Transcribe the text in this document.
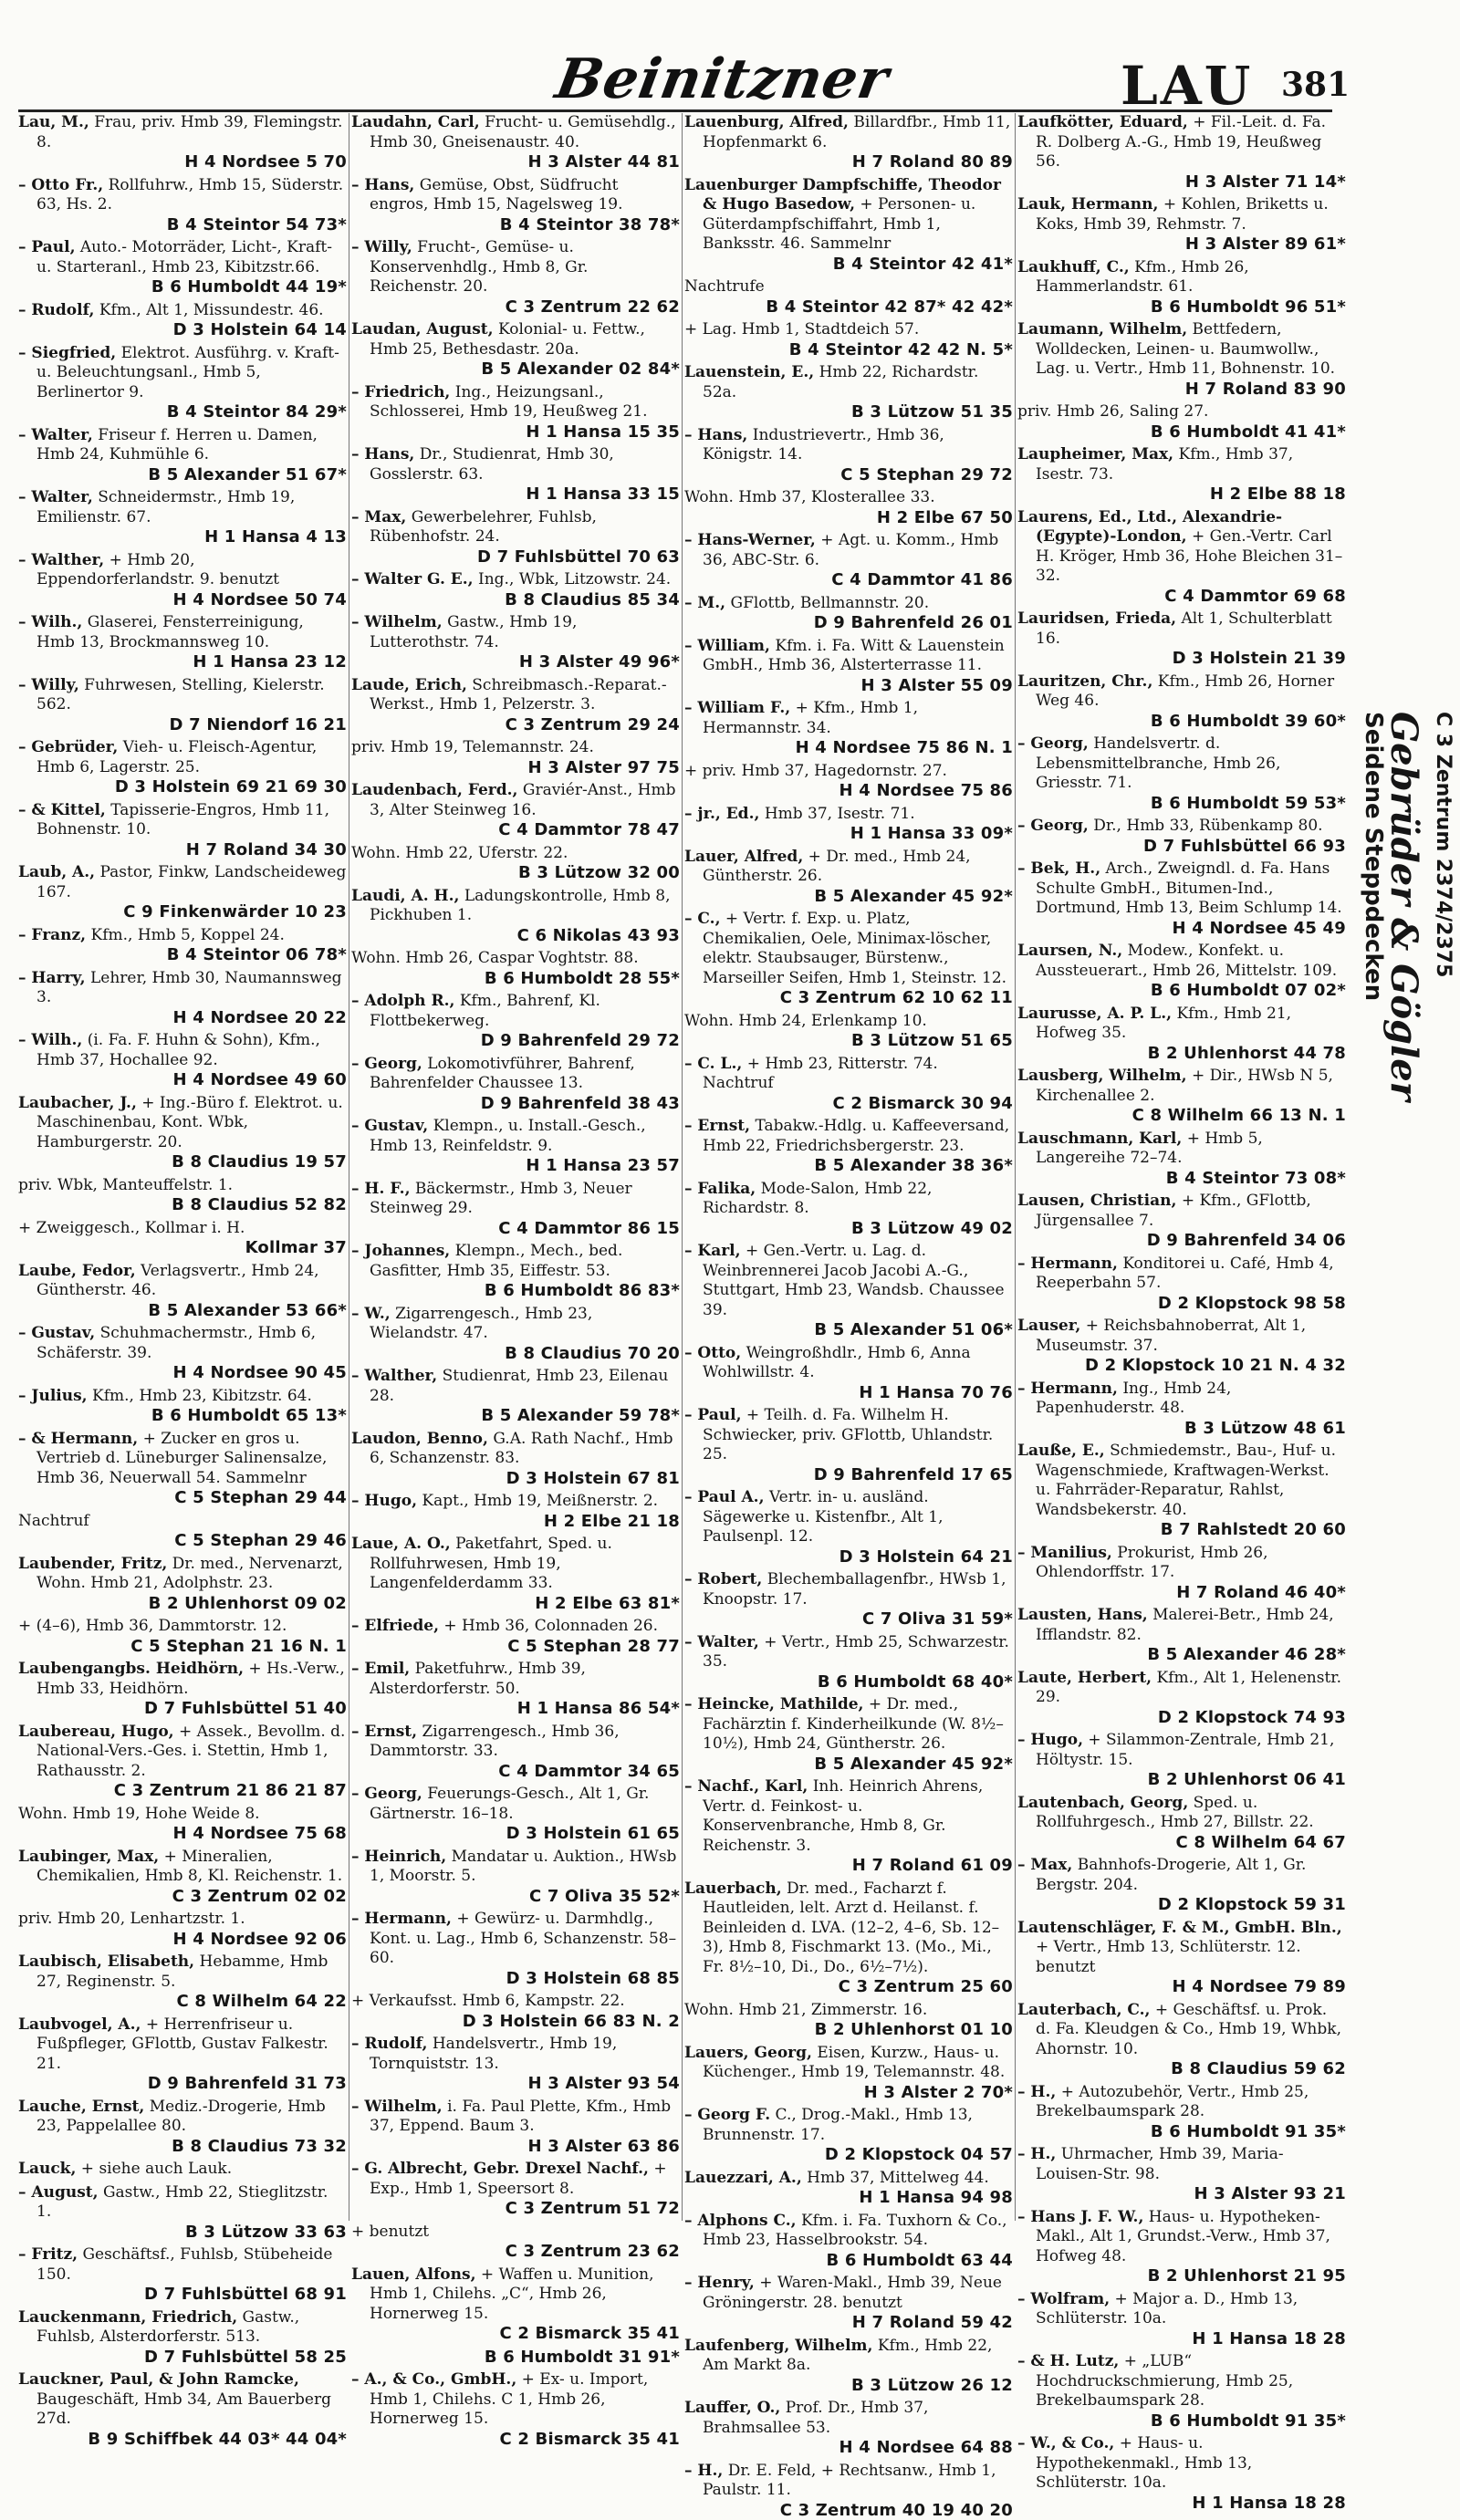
Beinitzner	LAU 381
Lau, M., Frau, priv. Hmb 39, Flemingstr. 8.
H 4 Nordsee 5 70
– Otto Fr., Rollfuhrw., Hmb 15, Süderstr. 63, Hs. 2.
B 4 Steintor 54 73*
– Paul, Auto.- Motorräder, Licht-, Kraft- u. Starteranl., Hmb 23, Kibitzstr.66.
B 6 Humboldt 44 19*
– Rudolf, Kfm., Alt 1, Missundestr. 46.
D 3 Holstein 64 14
– Siegfried, Elektrot. Ausführg. v. Kraft- u. Beleuchtungsanl., Hmb 5, Berlinertor 9.
B 4 Steintor 84 29*
– Walter, Friseur f. Herren u. Damen, Hmb 24, Kuhmühle 6.
B 5 Alexander 51 67*
– Walter, Schneidermstr., Hmb 19, Emilienstr. 67.
H 1 Hansa 4 13
– Walther, + Hmb 20, Eppendorferlandstr. 9. benutzt
H 4 Nordsee 50 74
– Wilh., Glaserei, Fensterreinigung, Hmb 13, Brockmannsweg 10.
H 1 Hansa 23 12
– Willy, Fuhrwesen, Stelling, Kielerstr. 562.
D 7 Niendorf 16 21
– Gebrüder, Vieh- u. Fleisch-Agentur, Hmb 6, Lagerstr. 25.
D 3 Holstein 69 21 69 30
– & Kittel, Tapisserie-Engros, Hmb 11, Bohnenstr. 10.
H 7 Roland 34 30
Laub, A., Pastor, Finkw, Landscheideweg 167.
C 9 Finkenwärder 10 23
– Franz, Kfm., Hmb 5, Koppel 24.
B 4 Steintor 06 78*
– Harry, Lehrer, Hmb 30, Naumannsweg 3.
H 4 Nordsee 20 22
– Wilh., (i. Fa. F. Huhn & Sohn), Kfm., Hmb 37, Hochallee 92.
H 4 Nordsee 49 60
Laubacher, J., + Ing.-Büro f. Elektrot. u. Maschinenbau, Kont. Wbk, Hamburgerstr. 20.
B 8 Claudius 19 57
priv. Wbk, Manteuffelstr. 1.
B 8 Claudius 52 82
+ Zweiggesch., Kollmar i. H.
Kollmar 37
Laube, Fedor, Verlagsvertr., Hmb 24, Güntherstr. 46.
B 5 Alexander 53 66*
– Gustav, Schuhmachermstr., Hmb 6, Schäferstr. 39.
H 4 Nordsee 90 45
– Julius, Kfm., Hmb 23, Kibitzstr. 64.
B 6 Humboldt 65 13*
– & Hermann, + Zucker en gros u. Vertrieb d. Lüneburger Salinensalze, Hmb 36, Neuerwall 54. Sammelnr
C 5 Stephan 29 44
Nachtruf
C 5 Stephan 29 46
Laubender, Fritz, Dr. med., Nervenarzt, Wohn. Hmb 21, Adolphstr. 23.
B 2 Uhlenhorst 09 02
+ (4–6), Hmb 36, Dammtorstr. 12.
C 5 Stephan 21 16 N. 1
Laubengangbs. Heidhörn, + Hs.-Verw., Hmb 33, Heidhörn.
D 7 Fuhlsbüttel 51 40
Laubereau, Hugo, + Assek., Bevollm. d. National-Vers.-Ges. i. Stettin, Hmb 1, Rathausstr. 2.
C 3 Zentrum 21 86 21 87
Wohn. Hmb 19, Hohe Weide 8.
H 4 Nordsee 75 68
Laubinger, Max, + Mineralien, Chemikalien, Hmb 8, Kl. Reichenstr. 1.
C 3 Zentrum 02 02
priv. Hmb 20, Lenhartzstr. 1.
H 4 Nordsee 92 06
Laubisch, Elisabeth, Hebamme, Hmb 27, Reginenstr. 5.
C 8 Wilhelm 64 22
Laubvogel, A., + Herrenfriseur u. Fußpfleger, GFlottb, Gustav Falkestr. 21.
D 9 Bahrenfeld 31 73
Lauche, Ernst, Mediz.-Drogerie, Hmb 23, Pappelallee 80.
B 8 Claudius 73 32
Lauck, + siehe auch Lauk.
– August, Gastw., Hmb 22, Stieglitzstr. 1.
B 3 Lützow 33 63
– Fritz, Geschäftsf., Fuhlsb, Stübeheide 150.
D 7 Fuhlsbüttel 68 91
Lauckenmann, Friedrich, Gastw., Fuhlsb, Alsterdorferstr. 513.
D 7 Fuhlsbüttel 58 25
Lauckner, Paul, & John Ramcke, Baugeschäft, Hmb 34, Am Bauerberg 27d.
B 9 Schiffbek 44 03* 44 04*
Laudahn, Carl, Frucht- u. Gemüsehdlg., Hmb 30, Gneisenaustr. 40.
H 3 Alster 44 81
– Hans, Gemüse, Obst, Südfrucht engros, Hmb 15, Nagelsweg 19.
B 4 Steintor 38 78*
– Willy, Frucht-, Gemüse- u. Konservenhdlg., Hmb 8, Gr. Reichenstr. 20.
C 3 Zentrum 22 62
Laudan, August, Kolonial- u. Fettw., Hmb 25, Bethesdastr. 20a.
B 5 Alexander 02 84*
– Friedrich, Ing., Heizungsanl., Schlosserei, Hmb 19, Heußweg 21.
H 1 Hansa 15 35
– Hans, Dr., Studienrat, Hmb 30, Gosslerstr. 63.
H 1 Hansa 33 15
– Max, Gewerbelehrer, Fuhlsb, Rübenhofstr. 24.
D 7 Fuhlsbüttel 70 63
– Walter G. E., Ing., Wbk, Litzowstr. 24.
B 8 Claudius 85 34
– Wilhelm, Gastw., Hmb 19, Lutterothstr. 74.
H 3 Alster 49 96*
Laude, Erich, Schreibmasch.-Reparat.-Werkst., Hmb 1, Pelzerstr. 3.
C 3 Zentrum 29 24
priv. Hmb 19, Telemannstr. 24.
H 3 Alster 97 75
Laudenbach, Ferd., Graviér-Anst., Hmb 3, Alter Steinweg 16.
C 4 Dammtor 78 47
Wohn. Hmb 22, Uferstr. 22.
B 3 Lützow 32 00
Laudi, A. H., Ladungskontrolle, Hmb 8, Pickhuben 1.
C 6 Nikolas 43 93
Wohn. Hmb 26, Caspar Voghtstr. 88.
B 6 Humboldt 28 55*
– Adolph R., Kfm., Bahrenf, Kl. Flottbekerweg.
D 9 Bahrenfeld 29 72
– Georg, Lokomotivführer, Bahrenf, Bahrenfelder Chaussee 13.
D 9 Bahrenfeld 38 43
– Gustav, Klempn., u. Install.-Gesch., Hmb 13, Reinfeldstr. 9.
H 1 Hansa 23 57
– H. F., Bäckermstr., Hmb 3, Neuer Steinweg 29.
C 4 Dammtor 86 15
– Johannes, Klempn., Mech., bed. Gasfitter, Hmb 35, Eiffestr. 53.
B 6 Humboldt 86 83*
– W., Zigarrengesch., Hmb 23, Wielandstr. 47.
B 8 Claudius 70 20
– Walther, Studienrat, Hmb 23, Eilenau 28.
B 5 Alexander 59 78*
Laudon, Benno, G.A. Rath Nachf., Hmb 6, Schanzenstr. 83.
D 3 Holstein 67 81
– Hugo, Kapt., Hmb 19, Meißnerstr. 2.
H 2 Elbe 21 18
Laue, A. O., Paketfahrt, Sped. u. Rollfuhrwesen, Hmb 19, Langenfelderdamm 33.
H 2 Elbe 63 81*
– Elfriede, + Hmb 36, Colonnaden 26.
C 5 Stephan 28 77
– Emil, Paketfuhrw., Hmb 39, Alsterdorferstr. 50.
H 1 Hansa 86 54*
– Ernst, Zigarrengesch., Hmb 36, Dammtorstr. 33.
C 4 Dammtor 34 65
– Georg, Feuerungs-Gesch., Alt 1, Gr. Gärtnerstr. 16–18.
D 3 Holstein 61 65
– Heinrich, Mandatar u. Auktion., HWsb 1, Moorstr. 5.
C 7 Oliva 35 52*
– Hermann, + Gewürz- u. Darmhdlg., Kont. u. Lag., Hmb 6, Schanzenstr. 58–60.
D 3 Holstein 68 85
+ Verkaufsst. Hmb 6, Kampstr. 22.
D 3 Holstein 66 83 N. 2
– Rudolf, Handelsvertr., Hmb 19, Tornquiststr. 13.
H 3 Alster 93 54
– Wilhelm, i. Fa. Paul Plette, Kfm., Hmb 37, Eppend. Baum 3.
H 3 Alster 63 86
– G. Albrecht, Gebr. Drexel Nachf., + Exp., Hmb 1, Speersort 8.
C 3 Zentrum 51 72
+ benutzt
C 3 Zentrum 23 62
Lauen, Alfons, + Waffen u. Munition, Hmb 1, Chilehs. „C“, Hmb 26, Hornerweg 15.
C 2 Bismarck 35 41
B 6 Humboldt 31 91*
– A., & Co., GmbH., + Ex- u. Import, Hmb 1, Chilehs. C 1, Hmb 26, Hornerweg 15.
C 2 Bismarck 35 41
Lauenburg, Alfred, Billardfbr., Hmb 11, Hopfenmarkt 6.
H 7 Roland 80 89
Lauenburger Dampfschiffe, Theodor & Hugo Basedow, + Personen- u. Güterdampfschiffahrt, Hmb 1, Banksstr. 46. Sammelnr
B 4 Steintor 42 41*
Nachtrufe
B 4 Steintor 42 87* 42 42*
+ Lag. Hmb 1, Stadtdeich 57.
B 4 Steintor 42 42 N. 5*
Lauenstein, E., Hmb 22, Richardstr. 52a.
B 3 Lützow 51 35
– Hans, Industrievertr., Hmb 36, Königstr. 14.
C 5 Stephan 29 72
Wohn. Hmb 37, Klosterallee 33.
H 2 Elbe 67 50
– Hans-Werner, + Agt. u. Komm., Hmb 36, ABC-Str. 6.
C 4 Dammtor 41 86
– M., GFlottb, Bellmannstr. 20.
D 9 Bahrenfeld 26 01
– William, Kfm. i. Fa. Witt & Lauenstein GmbH., Hmb 36, Alsterterrasse 11.
H 3 Alster 55 09
– William F., + Kfm., Hmb 1, Hermannstr. 34.
H 4 Nordsee 75 86 N. 1
+ priv. Hmb 37, Hagedornstr. 27.
H 4 Nordsee 75 86
– jr., Ed., Hmb 37, Isestr. 71.
H 1 Hansa 33 09*
Lauer, Alfred, + Dr. med., Hmb 24, Güntherstr. 26.
B 5 Alexander 45 92*
– C., + Vertr. f. Exp. u. Platz, Chemikalien, Oele, Minimax-löscher, elektr. Staubsauger, Bürstenw., Marseiller Seifen, Hmb 1, Steinstr. 12.
C 3 Zentrum 62 10 62 11
Wohn. Hmb 24, Erlenkamp 10.
B 3 Lützow 51 65
– C. L., + Hmb 23, Ritterstr. 74. Nachtruf
C 2 Bismarck 30 94
– Ernst, Tabakw.-Hdlg. u. Kaffeeversand, Hmb 22, Friedrichsbergerstr. 23.
B 5 Alexander 38 36*
– Falika, Mode-Salon, Hmb 22, Richardstr. 8.
B 3 Lützow 49 02
– Karl, + Gen.-Vertr. u. Lag. d. Weinbrennerei Jacob Jacobi A.-G., Stuttgart, Hmb 23, Wandsb. Chaussee 39.
B 5 Alexander 51 06*
– Otto, Weingroßhdlr., Hmb 6, Anna Wohlwillstr. 4.
H 1 Hansa 70 76
– Paul, + Teilh. d. Fa. Wilhelm H. Schwiecker, priv. GFlottb, Uhlandstr. 25.
D 9 Bahrenfeld 17 65
– Paul A., Vertr. in- u. ausländ. Sägewerke u. Kistenfbr., Alt 1, Paulsenpl. 12.
D 3 Holstein 64 21
– Robert, Blechemballagenfbr., HWsb 1, Knoopstr. 17.
C 7 Oliva 31 59*
– Walter, + Vertr., Hmb 25, Schwarzestr. 35.
B 6 Humboldt 68 40*
– Heincke, Mathilde, + Dr. med., Fachärztin f. Kinderheilkunde (W. 8½–10½), Hmb 24, Güntherstr. 26.
B 5 Alexander 45 92*
– Nachf., Karl, Inh. Heinrich Ahrens, Vertr. d. Feinkost- u. Konservenbranche, Hmb 8, Gr. Reichenstr. 3.
H 7 Roland 61 09
Lauerbach, Dr. med., Facharzt f. Hautleiden, lelt. Arzt d. Heilanst. f. Beinleiden d. LVA. (12–2, 4–6, Sb. 12–3), Hmb 8, Fischmarkt 13. (Mo., Mi., Fr. 8½–10, Di., Do., 6½–7½).
C 3 Zentrum 25 60
Wohn. Hmb 21, Zimmerstr. 16.
B 2 Uhlenhorst 01 10
Lauers, Georg, Eisen, Kurzw., Haus- u. Küchenger., Hmb 19, Telemannstr. 48.
H 3 Alster 2 70*
– Georg F. C., Drog.-Makl., Hmb 13, Brunnenstr. 17.
D 2 Klopstock 04 57
Lauezzari, A., Hmb 37, Mittelweg 44.
H 1 Hansa 94 98
– Alphons C., Kfm. i. Fa. Tuxhorn & Co., Hmb 23, Hasselbrookstr. 54.
B 6 Humboldt 63 44
– Henry, + Waren-Makl., Hmb 39, Neue Gröningerstr. 28. benutzt
H 7 Roland 59 42
Laufenberg, Wilhelm, Kfm., Hmb 22, Am Markt 8a.
B 3 Lützow 26 12
Lauffer, O., Prof. Dr., Hmb 37, Brahmsallee 53.
H 4 Nordsee 64 88
– H., Dr. E. Feld, + Rechtsanw., Hmb 1, Paulstr. 11.
C 3 Zentrum 40 19 40 20
Laufkötter, Eduard, + Fil.-Leit. d. Fa. R. Dolberg A.-G., Hmb 19, Heußweg 56.
H 3 Alster 71 14*
Lauk, Hermann, + Kohlen, Briketts u. Koks, Hmb 39, Rehmstr. 7.
H 3 Alster 89 61*
Laukhuff, C., Kfm., Hmb 26, Hammerlandstr. 61.
B 6 Humboldt 96 51*
Laumann, Wilhelm, Bettfedern, Wolldecken, Leinen- u. Baumwollw., Lag. u. Vertr., Hmb 11, Bohnenstr. 10.
H 7 Roland 83 90
priv. Hmb 26, Saling 27.
B 6 Humboldt 41 41*
Laupheimer, Max, Kfm., Hmb 37, Isestr. 73.
H 2 Elbe 88 18
Laurens, Ed., Ltd., Alexandrie- (Egypte)-London, + Gen.-Vertr. Carl H. Kröger, Hmb 36, Hohe Bleichen 31–32.
C 4 Dammtor 69 68
Lauridsen, Frieda, Alt 1, Schulterblatt 16.
D 3 Holstein 21 39
Lauritzen, Chr., Kfm., Hmb 26, Horner Weg 46.
B 6 Humboldt 39 60*
– Georg, Handelsvertr. d. Lebensmittelbranche, Hmb 26, Griesstr. 71.
B 6 Humboldt 59 53*
– Georg, Dr., Hmb 33, Rübenkamp 80.
D 7 Fuhlsbüttel 66 93
– Bek, H., Arch., Zweigndl. d. Fa. Hans Schulte GmbH., Bitumen-Ind., Dortmund, Hmb 13, Beim Schlump 14.
H 4 Nordsee 45 49
Laursen, N., Modew., Konfekt. u. Aussteuerart., Hmb 26, Mittelstr. 109.
B 6 Humboldt 07 02*
Laurusse, A. P. L., Kfm., Hmb 21, Hofweg 35.
B 2 Uhlenhorst 44 78
Lausberg, Wilhelm, + Dir., HWsb N 5, Kirchenallee 2.
C 8 Wilhelm 66 13 N. 1
Lauschmann, Karl, + Hmb 5, Langereihe 72–74.
B 4 Steintor 73 08*
Lausen, Christian, + Kfm., GFlottb, Jürgensallee 7.
D 9 Bahrenfeld 34 06
– Hermann, Konditorei u. Café, Hmb 4, Reeperbahn 57.
D 2 Klopstock 98 58
Lauser, + Reichsbahnoberrat, Alt 1, Museumstr. 37.
D 2 Klopstock 10 21 N. 4 32
– Hermann, Ing., Hmb 24, Papenhuderstr. 48.
B 3 Lützow 48 61
Lauße, E., Schmiedemstr., Bau-, Huf- u. Wagenschmiede, Kraftwagen-Werkst. u. Fahrräder-Reparatur, Rahlst, Wandsbekerstr. 40.
B 7 Rahlstedt 20 60
– Manilius, Prokurist, Hmb 26, Ohlendorffstr. 17.
H 7 Roland 46 40*
Lausten, Hans, Malerei-Betr., Hmb 24, Ifflandstr. 82.
B 5 Alexander 46 28*
Laute, Herbert, Kfm., Alt 1, Helenenstr. 29.
D 2 Klopstock 74 93
– Hugo, + Silammon-Zentrale, Hmb 21, Höltystr. 15.
B 2 Uhlenhorst 06 41
Lautenbach, Georg, Sped. u. Rollfuhrgesch., Hmb 27, Billstr. 22.
C 8 Wilhelm 64 67
– Max, Bahnhofs-Drogerie, Alt 1, Gr. Bergstr. 204.
D 2 Klopstock 59 31
Lautenschläger, F. & M., GmbH. Bln., + Vertr., Hmb 13, Schlüterstr. 12. benutzt
H 4 Nordsee 79 89
Lauterbach, C., + Geschäftsf. u. Prok. d. Fa. Kleudgen & Co., Hmb 19, Whbk, Ahornstr. 10.
B 8 Claudius 59 62
– H., + Autozubehör, Vertr., Hmb 25, Brekelbaumspark 28.
B 6 Humboldt 91 35*
– H., Uhrmacher, Hmb 39, Maria-Louisen-Str. 98.
H 3 Alster 93 21
– Hans J. F. W., Haus- u. Hypotheken-Makl., Alt 1, Grundst.-Verw., Hmb 37, Hofweg 48.
B 2 Uhlenhorst 21 95
– Wolfram, + Major a. D., Hmb 13, Schlüterstr. 10a.
H 1 Hansa 18 28
– & H. Lutz, + „LUB“ Hochdruckschmierung, Hmb 25, Brekelbaumspark 28.
B 6 Humboldt 91 35*
– W., & Co., + Haus- u. Hypothekenmakl., Hmb 13, Schlüterstr. 10a.
H 1 Hansa 18 28
Seidene Steppdecken
Gebrüder & Gögler C 3 Zentrum 2374/2375
